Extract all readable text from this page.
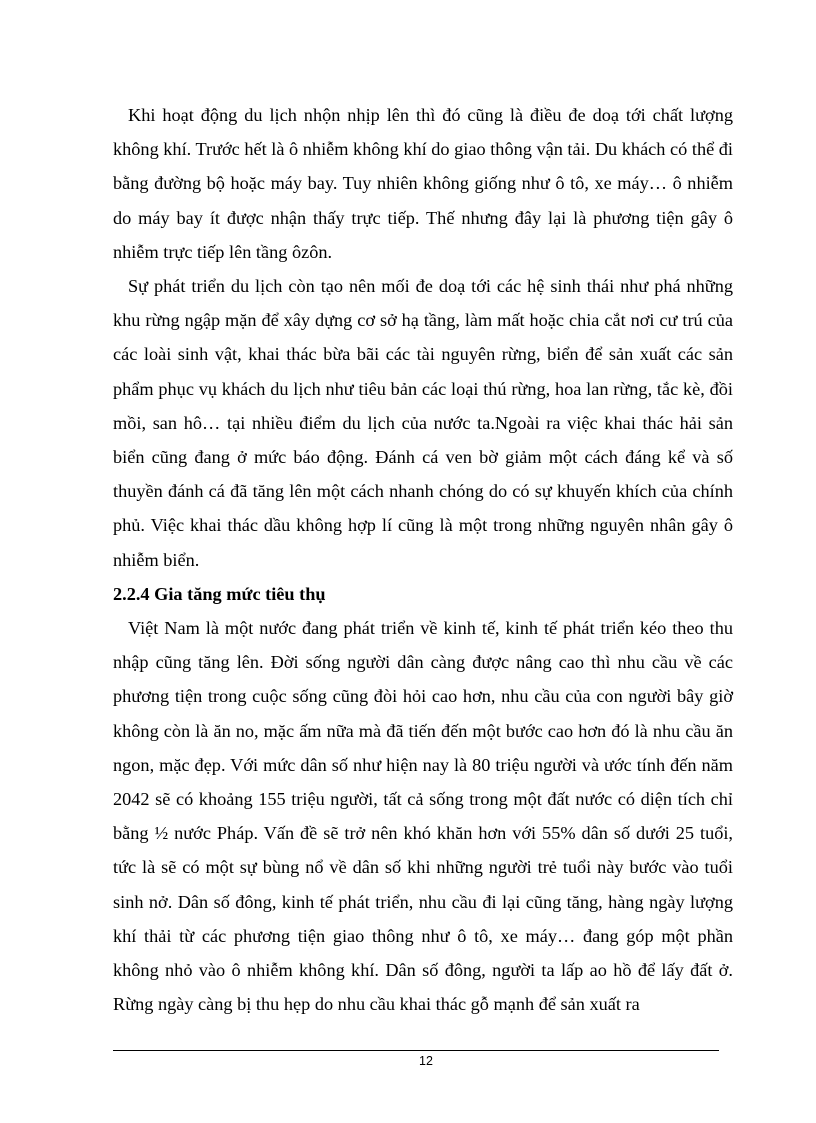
Khi hoạt động du lịch nhộn nhịp lên thì đó cũng là điều đe doạ tới chất lượng không khí. Trước hết là ô nhiễm không khí do giao thông vận tải. Du khách có thể đi bằng đường bộ hoặc máy bay. Tuy nhiên không giống như ô tô, xe máy… ô nhiễm do máy bay ít được nhận thấy trực tiếp. Thế nhưng đây lại là phương tiện gây ô nhiễm trực tiếp lên tầng ôzôn.

Sự phát triển du lịch còn tạo nên mối đe doạ tới các hệ sinh thái như phá những khu rừng ngập mặn để xây dựng cơ sở hạ tầng, làm mất hoặc chia cắt nơi cư trú của các loài sinh vật, khai thác bừa bãi các tài nguyên rừng, biển để sản xuất các sản phẩm phục vụ khách du lịch như tiêu bản các loại thú rừng, hoa lan rừng, tắc kè, đồi mồi, san hô… tại nhiều điểm du lịch của nước ta.Ngoài ra việc khai thác hải sản biển cũng đang ở mức báo động. Đánh cá ven bờ giảm một cách đáng kể và số thuyền đánh cá đã tăng lên một cách nhanh chóng do có sự khuyến khích của chính phủ. Việc khai thác dầu không hợp lí cũng là một trong những nguyên nhân gây ô nhiễm biển.

2.2.4 Gia tăng mức tiêu thụ

Việt Nam là một nước đang phát triển về kinh tế, kinh tế phát triển kéo theo thu nhập cũng tăng lên. Đời sống người dân càng được nâng cao thì nhu cầu về các phương tiện trong cuộc sống cũng đòi hỏi cao hơn, nhu cầu của con người bây giờ không còn là ăn no, mặc ấm nữa mà đã tiến đến một bước cao hơn đó là nhu cầu ăn ngon, mặc đẹp. Với mức dân số như hiện nay là 80 triệu người và ước tính đến năm 2042 sẽ có khoảng 155 triệu người, tất cả sống trong một đất nước có diện tích chỉ bằng ½ nước Pháp. Vấn đề sẽ trở nên khó khăn hơn với 55% dân số dưới 25 tuổi, tức là sẽ có một sự bùng nổ về dân số khi những người trẻ tuổi này bước vào tuổi sinh nở. Dân số đông, kinh tế phát triển, nhu cầu đi lại cũng tăng, hàng ngày lượng khí thải từ các phương tiện giao thông như ô tô, xe máy… đang góp một phần không nhỏ vào ô nhiễm không khí. Dân số đông, người ta lấp ao hồ để lấy đất ở. Rừng ngày càng bị thu hẹp do nhu cầu khai thác gỗ mạnh để sản xuất ra

12
